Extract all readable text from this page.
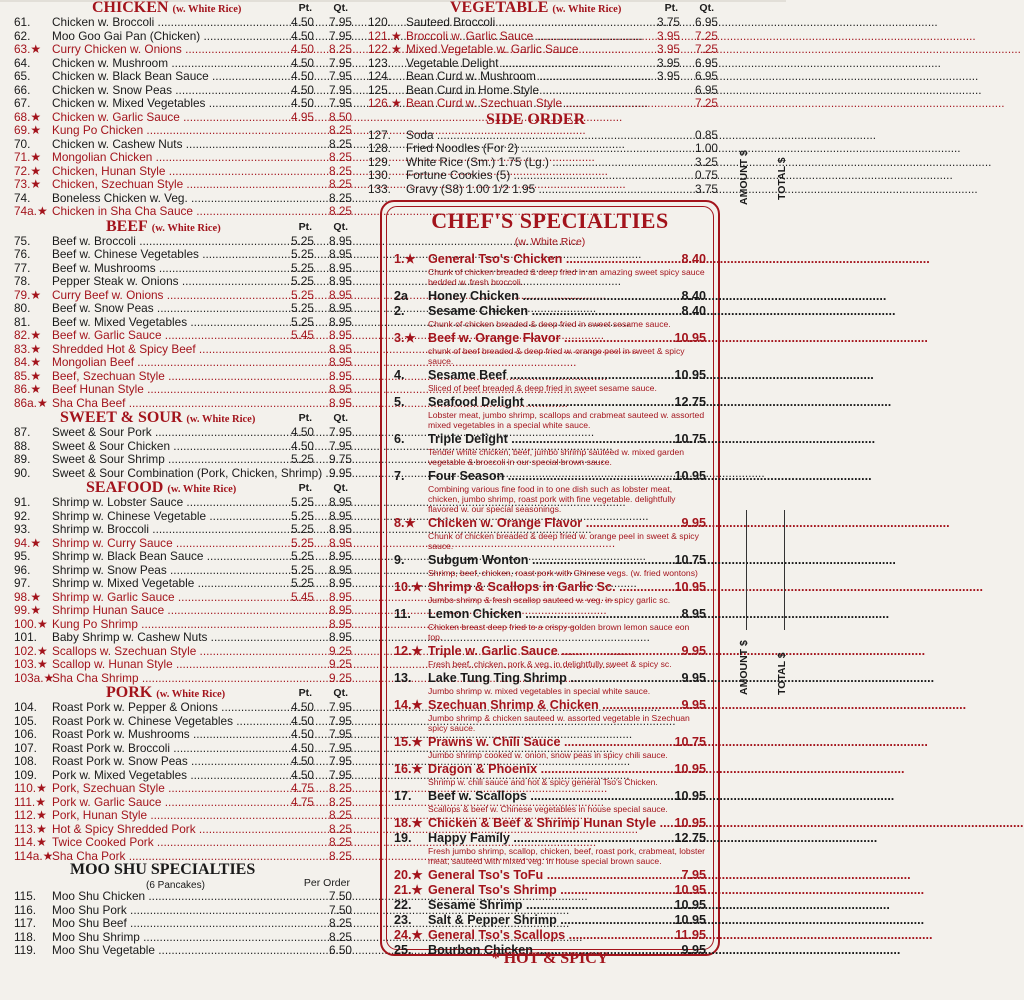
CHICKEN (w. White Rice)	Pt. Qt.
61.	Chicken w. Broccoli .....	4.50	7.95
62.	Moo Goo Gai Pan (Chicken) .....	4.50	7.95
63.★ Curry Chicken w. Onions .....	4.50	8.25
64.	Chicken w. Mushroom .....	4.50	7.95
65.	Chicken w. Black Bean Sauce .....	4.50	7.95
66.	Chicken w. Snow Peas .....	4.50	7.95
67.	Chicken w. Mixed Vegetables .....	4.50	7.95
68.★ Chicken w. Garlic Sauce .....	4.95	8.50
69.★ Kung Po Chicken .....	8.25
70.	Chicken w. Cashew Nuts .....	8.25
71.★ Mongolian Chicken .....	8.25
72.★ Chicken, Hunan Style .....	8.25
73.★ Chicken, Szechuan Style .....	8.25
74.	Boneless Chicken w. Veg. .....	8.25
74a.★ Chicken in Sha Cha Sauce .....	8.25
BEEF (w. White Rice)	Pt. Qt.
75.	Beef w. Broccoli .....	5.25	8.95
76.	Beef w. Chinese Vegetables .....	5.25	8.95
77.	Beef w. Mushrooms .....	5.25	8.95
78.	Pepper Steak w. Onions .....	5.25	8.95
79.★ Curry Beef w. Onions .....	5.25	8.95
80.	Beef w. Snow Peas .....	5.25	8.95
81.	Beef w. Mixed Vegetables .....	5.25	8.95
82.★ Beef w. Garlic Sauce .....	5.45	8.95
83.★ Shredded Hot & Spicy Beef .....	8.95
84.★ Mongolian Beef .....	8.95
85.★ Beef, Szechuan Style .....	8.95
86.★ Beef Hunan Style .....	8.95
86a.★ Sha Cha Beef .....	8.95
SWEET & SOUR (w. White Rice)	Pt. Qt.
87.	Sweet & Sour Pork .....	4.50	7.95
88.	Sweet & Sour Chicken .....	4.50	7.95
89.	Sweet & Sour Shrimp .....	5.25	9.75
90.	Sweet & Sour Combination (Pork, Chicken, Shrimp) ..... 9.95
SEAFOOD (w. White Rice)	Pt. Qt.
91.	Shrimp w. Lobster Sauce .....	5.25	8.95
92.	Shrimp w. Chinese Vegetable .....	5.25	8.95
93.	Shrimp w. Broccoli .....	5.25	8.95
94.★ Shrimp w. Curry Sauce .....	5.25	8.95
95.	Shrimp w. Black Bean Sauce .....	5.25	8.95
96.	Shrimp w. Snow Peas .....	5.25	8.95
97.	Shrimp w. Mixed Vegetable .....	5.25	8.95
98.★ Shrimp w. Garlic Sauce .....	5.45	8.95
99.★ Shrimp Hunan Sauce .....	8.95
100.★ Kung Po Shrimp .....	8.95
101.	Baby Shrimp w. Cashew Nuts .....	8.95
102.★ Scallops w. Szechuan Style .....	9.25
103.★ Scallop w. Hunan Style .....	9.25
103a.★
Sha Cha Shrimp .....	9.25
PORK (w. White Rice)	Pt. Qt.
104.	Roast Pork w. Pepper & Onions .....	4.50	7.95
105.	Roast Pork w. Chinese Vegetables .....	4.50	7.95
106.	Roast Pork w. Mushrooms .....	4.50	7.95
107.	Roast Pork w. Broccoli .....	4.50	7.95
108.	Roast Pork w. Snow Peas .....	4.50	7.95
109.	Pork w. Mixed Vegetables .....	4.50	7.95
110.★ Pork, Szechuan Style .....	4.75	8.25
111.★ Pork w. Garlic Sauce .....	4.75	8.25
112.★ Pork, Hunan Style .....	8.25
113.★ Hot & Spicy Shredded Pork .....	8.25
114.★ Twice Cooked Pork .....	8.25
114a.★
Sha Cha Pork .....	8.25
MOO SHU SPECIALTIES
(6 Pancakes)	Per Order
115.	Moo Shu Chicken .....	7.50
116.	Moo Shu Pork .....	7.50
117.	Moo Shu Beef .....	8.25
118.	Moo Shu Shrimp .....	8.25
119.	Moo Shu Vegetable .....	6.50
VEGETABLE (w. White Rice)	Pt. Qt.
120.	Sauteed Broccoli .....	3.75	6.95
121.★ Broccoli w. Garlic Sauce .....	3.95	7.25
122.★ Mixed Vegetable w. Garlic Sauce .....	3.95	7.25
123.	Vegetable Delight .....	3.95	6.95
124.	Bean Curd w. Mushroom .....	3.95	6.95
125.	Bean Curd in Home Style .....	6.95
126.★ Bean Curd w. Szechuan Style .....	7.25
SIDE ORDER
127.	Soda .....	0.85
128.	Fried Noodles (For 2) .....	1.00
129.	White Rice (Sm.) 1.75 (Lg.) .....	3.25
130.	Fortune Cookies (5) .....	0.75
133.	Gravy (S8) 1.00 1/2 1.95 .....	3.75
CHEF'S SPECIALTIES
(w. White Rice)
1.★ General Tso's Chicken .....	8.40
Chunk of chicken breaded & deep fried in an amazing sweet spicy sauce bedded w. fresh broccoli.
2a	Honey Chicken .....	8.40
2.	Sesame Chicken .....	8.40
Chunk of chicken breaded & deep fried in sweet sesame sauce.
3.★ Beef w. Orange Flavor .....	10.95
chunk of beef breaded & deep fried w. orange peel in sweet & spicy sauce.
4.	Sesame Beef .....	10.95
Sliced of beef breaded & deep fried in sweet sesame sauce.
5.	Seafood Delight .....	12.75
Lobster meat, jumbo shrimp, scallops and crabmeat sauteed w. assorted mixed vegetables in a special white sauce.
6.	Triple Delight .....	10.75
Tender white chicken, beef, jumbo shrimp sauteed w. mixed garden vegetable & broccoli in our special brown sauce.
7.	Four Season .....	10.95
Combining various fine food in to one dish such as lobster meat, chicken, jumbo shrimp, roast pork with fine vegetable. delightfully flavored w. our special seasonings.
8.★ Chicken w. Orange Flavor .....	9.95
Chunk of chicken breaded & deep fried w. orange peel in sweet & spicy sauce.
9.	Subgum Wonton .....	10.75
Shrimp, beef, chicken, roast pork with Chinese vegs. (w. fried wontons)
10.★ Shrimp & Scallops in Garlic Sc. .....	10.95
Jumbo shrimp & fresh scallop sauteed w. veg. in spicy garlic sc.
11.	Lemon Chicken .....	8.95
Chicken breast deep fried to a crispy golden brown lemon sauce eon top.
12.★ Triple w. Garlic Sauce .....	9.95
Fresh beef, chicken, pork & veg. in delightfully sweet & spicy sc.
13.	Lake Tung Ting Shrimp .....	9.95
Jumbo shrimp w. mixed vegetables in special white sauce.
14.★ Szechuan Shrimp & Chicken .....	9.95
Jumbo shrimp & chicken sauteed w. assorted vegetable in Szechuan spicy sauce.
15.★ Prawns w. Chili Sauce .....	10.75
Jumbo shrimp cooked w. onion, snow peas in spicy chili sauce.
16.★ Dragon & Phoenix .....	10.95
Shrimp w. chili sauce and hot & spicy general Tso's Chicken.
17.	Beef w. Scallops .....	10.95
Scallops & beef w. Chinese vegetables in house special sauce.
18.★ Chicken & Beef & Shrimp Hunan Style .....	10.95
19.	Happy Family .....	12.75
Fresh jumbo shrimp, scallop, chicken, beef, roast pork, crabmeat, lobster meat, sauteed with mixed veg. in house special brown sauce.
20.★ General Tso's ToFu .....	7.95
21.★ General Tso's Shrimp .....	10.95
22.	Sesame Shrimp .....	10.95
23.	Salt & Pepper Shrimp .....	10.95
24.★ General Tso's Scallops .....	11.95
25.	Bourbon Chicken .....	9.95
* HOT & SPICY
AMOUNT $ TOTAL $
AMOUNT $ TOTAL $
